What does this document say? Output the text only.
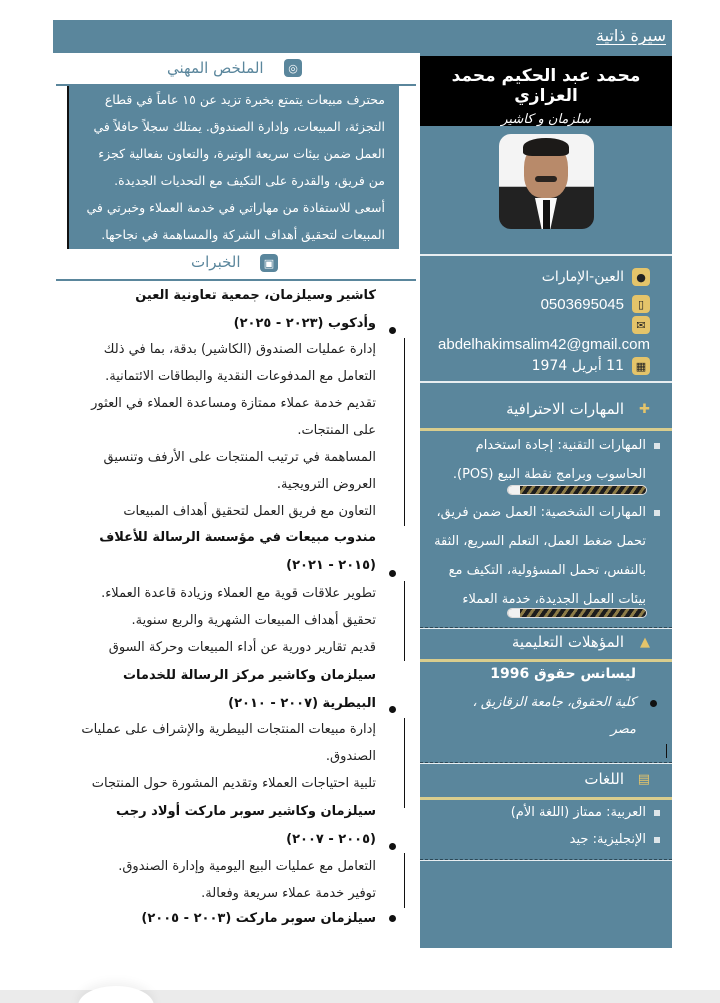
سيرة ذاتية
محمد عبد الحكيم محمد العزازي
سلزمان و كاشير
●
العين-الإمارات
▯
0503695045
✉
abdelhakimsalim42@gmail.com
▦
11 أبريل 1974
المهارات الاحترافية ✚
المهارات التقنية: إجادة استخدام
الحاسوب وبرامج نقطة البيع (POS).
المهارات الشخصية: العمل ضمن فريق،
تحمل ضغط العمل، التعلم السريع، الثقة
بالنفس، تحمل المسؤولية، التكيف مع
بيئات العمل الجديدة، خدمة العملاء
المؤهلات التعليمية ▲
ليسانس حقوق 1996
كلية الحقوق، جامعة الزقازيق ،
مصر
اللغات ▤
العربية: ممتاز (اللغة الأم)
الإنجليزية: جيد
◎
الملخص المهني
محترف مبيعات يتمتع بخبرة تزيد عن ١٥ عاماً في قطاع
التجزئة، المبيعات، وإدارة الصندوق. يمتلك سجلاً حافلاً في
العمل ضمن بيئات سريعة الوتيرة، والتعاون بفعالية كجزء
من فريق، والقدرة على التكيف مع التحديات الجديدة.
أسعى للاستفادة من مهاراتي في خدمة العملاء وخبرتي في
المبيعات لتحقيق أهداف الشركة والمساهمة في نجاحها.
▣
الخبرات
كاشير وسيلزمان، جمعية تعاونية العين
وأدكوب (٢٠٢٣ - ٢٠٢٥)
إدارة عمليات الصندوق (الكاشير) بدقة، بما في ذلك
التعامل مع المدفوعات النقدية والبطاقات الائتمانية.
تقديم خدمة عملاء ممتازة ومساعدة العملاء في العثور
على المنتجات.
المساهمة في ترتيب المنتجات على الأرفف وتنسيق
العروض الترويجية.
التعاون مع فريق العمل لتحقيق أهداف المبيعات
مندوب مبيعات في مؤسسة الرسالة للأعلاف
(٢٠١٥ - ٢٠٢١)
تطوير علاقات قوية مع العملاء وزيادة قاعدة العملاء.
تحقيق أهداف المبيعات الشهرية والربع سنوية.
قديم تقارير دورية عن أداء المبيعات وحركة السوق
سيلزمان وكاشير مركز الرسالة للخدمات
البيطرية (٢٠٠٧ - ٢٠١٠)
إدارة مبيعات المنتجات البيطرية والإشراف على عمليات
الصندوق.
تلبية احتياجات العملاء وتقديم المشورة حول المنتجات
سيلزمان وكاشير سوبر ماركت أولاد رجب
(٢٠٠٥ - ٢٠٠٧)
التعامل مع عمليات البيع اليومية وإدارة الصندوق.
توفير خدمة عملاء سريعة وفعالة.
سيلزمان سوبر ماركت (٢٠٠٣ - ٢٠٠٥)
